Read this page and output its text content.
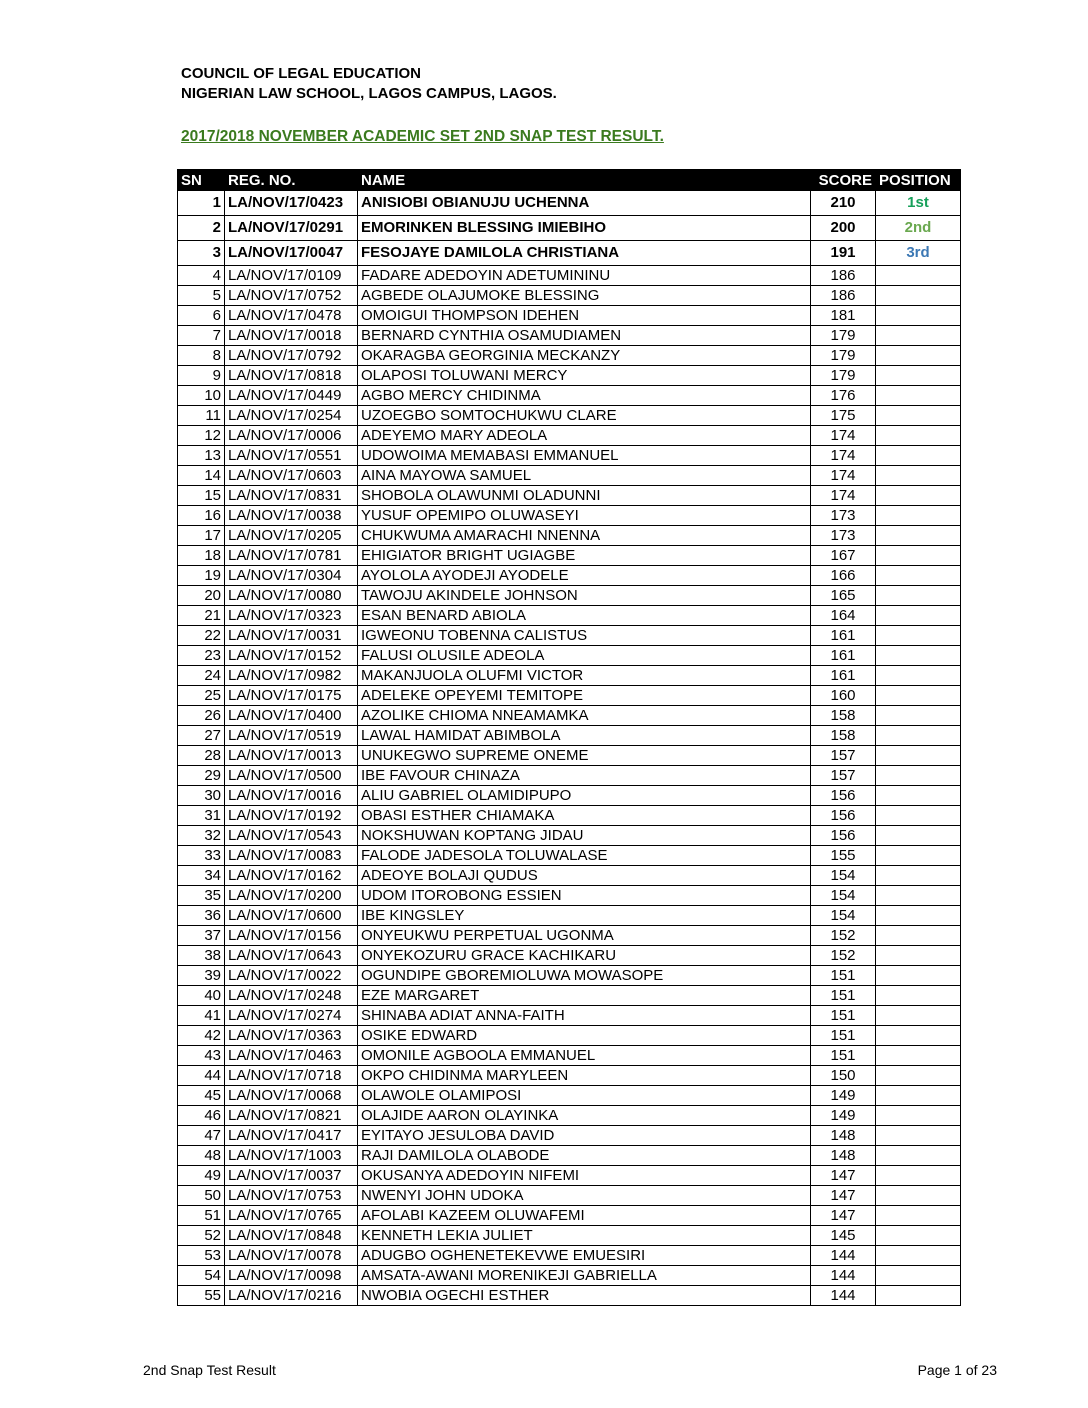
COUNCIL OF LEGAL EDUCATION
NIGERIAN LAW SCHOOL, LAGOS CAMPUS, LAGOS.
2017/2018 NOVEMBER ACADEMIC SET 2ND SNAP TEST RESULT.
SN	REG. NO.	NAME	SCORE	POSITION
1	LA/NOV/17/0423	ANISIOBI OBIANUJU UCHENNA	210	1st
2	LA/NOV/17/0291	EMORINKEN BLESSING IMIEBIHO	200	2nd
3	LA/NOV/17/0047	FESOJAYE DAMILOLA CHRISTIANA	191	3rd
4	LA/NOV/17/0109	FADARE ADEDOYIN ADETUMININU	186	
5	LA/NOV/17/0752	AGBEDE OLAJUMOKE BLESSING	186	
6	LA/NOV/17/0478	OMOIGUI THOMPSON IDEHEN	181	
7	LA/NOV/17/0018	BERNARD CYNTHIA OSAMUDIAMEN	179	
8	LA/NOV/17/0792	OKARAGBA GEORGINIA MECKANZY	179	
9	LA/NOV/17/0818	OLAPOSI TOLUWANI MERCY	179	
10	LA/NOV/17/0449	AGBO MERCY CHIDINMA	176	
11	LA/NOV/17/0254	UZOEGBO SOMTOCHUKWU CLARE	175	
12	LA/NOV/17/0006	ADEYEMO MARY ADEOLA	174	
13	LA/NOV/17/0551	UDOWOIMA MEMABASI EMMANUEL	174	
14	LA/NOV/17/0603	AINA MAYOWA SAMUEL	174	
15	LA/NOV/17/0831	SHOBOLA OLAWUNMI OLADUNNI	174	
16	LA/NOV/17/0038	YUSUF OPEMIPO OLUWASEYI	173	
17	LA/NOV/17/0205	CHUKWUMA AMARACHI NNENNA	173	
18	LA/NOV/17/0781	EHIGIATOR BRIGHT UGIAGBE	167	
19	LA/NOV/17/0304	AYOLOLA AYODEJI AYODELE	166	
20	LA/NOV/17/0080	TAWOJU AKINDELE JOHNSON	165	
21	LA/NOV/17/0323	ESAN BENARD ABIOLA	164	
22	LA/NOV/17/0031	IGWEONU TOBENNA CALISTUS	161	
23	LA/NOV/17/0152	FALUSI OLUSILE ADEOLA	161	
24	LA/NOV/17/0982	MAKANJUOLA OLUFMI VICTOR	161	
25	LA/NOV/17/0175	ADELEKE OPEYEMI TEMITOPE	160	
26	LA/NOV/17/0400	AZOLIKE CHIOMA NNEAMAMKA	158	
27	LA/NOV/17/0519	LAWAL HAMIDAT ABIMBOLA	158	
28	LA/NOV/17/0013	UNUKEGWO SUPREME ONEME	157	
29	LA/NOV/17/0500	IBE FAVOUR CHINAZA	157	
30	LA/NOV/17/0016	ALIU GABRIEL OLAMIDIPUPO	156	
31	LA/NOV/17/0192	OBASI ESTHER CHIAMAKA	156	
32	LA/NOV/17/0543	NOKSHUWAN KOPTANG JIDAU	156	
33	LA/NOV/17/0083	FALODE JADESOLA TOLUWALASE	155	
34	LA/NOV/17/0162	ADEOYE BOLAJI QUDUS	154	
35	LA/NOV/17/0200	UDOM ITOROBONG ESSIEN	154	
36	LA/NOV/17/0600	IBE KINGSLEY	154	
37	LA/NOV/17/0156	ONYEUKWU PERPETUAL UGONMA	152	
38	LA/NOV/17/0643	ONYEKOZURU GRACE KACHIKARU	152	
39	LA/NOV/17/0022	OGUNDIPE GBOREMIOLUWA MOWASOPE	151	
40	LA/NOV/17/0248	EZE MARGARET	151	
41	LA/NOV/17/0274	SHINABA ADIAT ANNA-FAITH	151	
42	LA/NOV/17/0363	OSIKE EDWARD	151	
43	LA/NOV/17/0463	OMONILE AGBOOLA EMMANUEL	151	
44	LA/NOV/17/0718	OKPO CHIDINMA MARYLEEN	150	
45	LA/NOV/17/0068	OLAWOLE OLAMIPOSI	149	
46	LA/NOV/17/0821	OLAJIDE AARON OLAYINKA	149	
47	LA/NOV/17/0417	EYITAYO JESULOBA DAVID	148	
48	LA/NOV/17/1003	RAJI DAMILOLA OLABODE	148	
49	LA/NOV/17/0037	OKUSANYA ADEDOYIN NIFEMI	147	
50	LA/NOV/17/0753	NWENYI JOHN UDOKA	147	
51	LA/NOV/17/0765	AFOLABI KAZEEM OLUWAFEMI	147	
52	LA/NOV/17/0848	KENNETH LEKIA JULIET	145	
53	LA/NOV/17/0078	ADUGBO OGHENETEKEVWE EMUESIRI	144	
54	LA/NOV/17/0098	AMSATA-AWANI MORENIKEJI GABRIELLA	144	
55	LA/NOV/17/0216	NWOBIA OGECHI ESTHER	144	
2nd Snap Test Result	Page 1 of 23
